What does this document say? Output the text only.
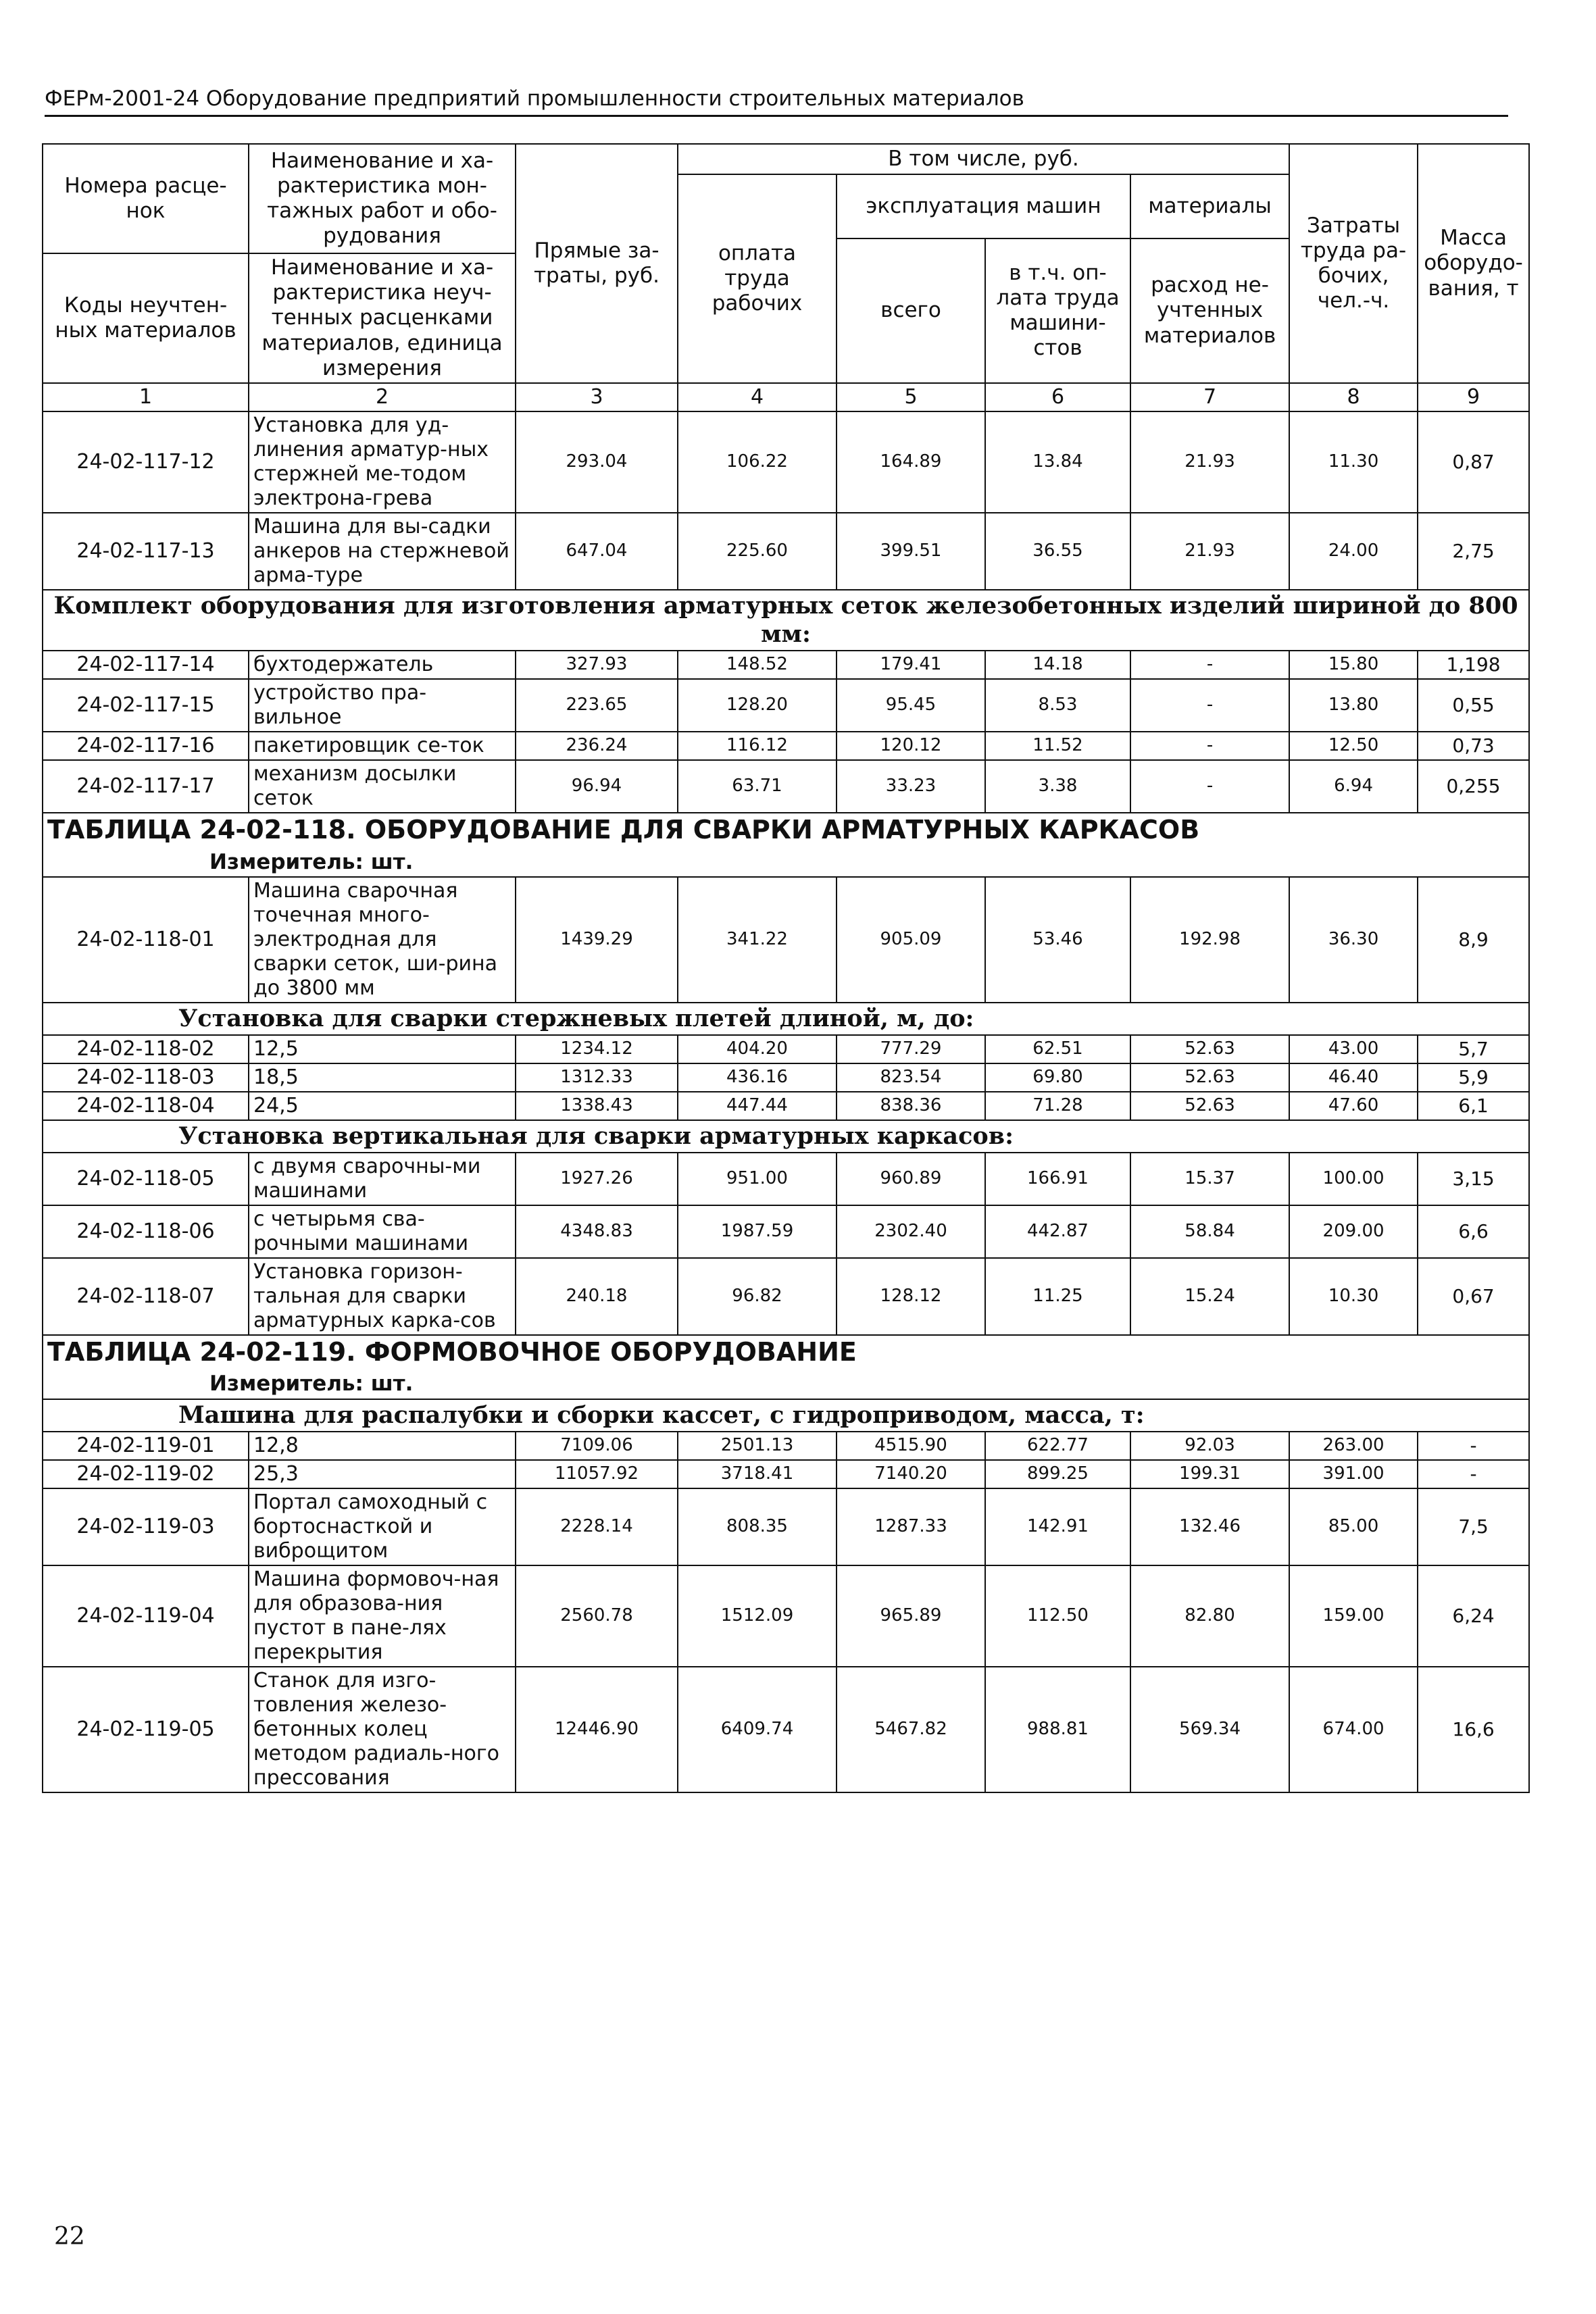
ФЕРм-2001-24 Оборудование предприятий промышленности строительных материалов
Номера расце-нок	Наименование и ха-рактеристика мон-тажных работ и обо-рудования	Прямые за-траты, руб.	В том числе, руб.				Затраты труда ра-бочих, чел.-ч.	Масса оборудо-вания, т
			оплата труда рабочих	эксплуатация машин		материалы		
				всего	в т.ч. оп-лата труда машини-стов	расход не-учтенных материалов		
Коды неучтен-ных материалов	Наименование и ха-рактеристика неуч-тенных расценками материалов, единица измерения							

1	2	3	4	5	6	7	8	9
24-02-117-12	Установка для уд-линения арматур-ных стержней ме-тодом электрона-грева	293.04	106.22	164.89	13.84	21.93	11.30	0,87
24-02-117-13	Машина для вы-садки анкеров на стержневой арма-туре	647.04	225.60	399.51	36.55	21.93	24.00	2,75
Комплект оборудования для изготовления арматурных сеток железобетонных изделий шириной до 800 мм:								
24-02-117-14	бухтодержатель	327.93	148.52	179.41	14.18	-	15.80	1,198
24-02-117-15	устройство пра-вильное	223.65	128.20	95.45	8.53	-	13.80	0,55
24-02-117-16	пакетировщик се-ток	236.24	116.12	120.12	11.52	-	12.50	0,73
24-02-117-17	механизм досылки сеток	96.94	63.71	33.23	3.38	-	6.94	0,255

ТАБЛИЦА 24-02-118. ОБОРУДОВАНИЕ ДЛЯ СВАРКИ АРМАТУРНЫХ КАРКАСОВ
Измеритель: шт.								

24-02-118-01	Машина сварочная точечная много-электродная для сварки сеток, ши-рина до 3800 мм	1439.29	341.22	905.09	53.46	192.98	36.30	8,9
Установка для сварки стержневых плетей длиной, м, до:								
24-02-118-02	12,5	1234.12	404.20	777.29	62.51	52.63	43.00	5,7
24-02-118-03	18,5	1312.33	436.16	823.54	69.80	52.63	46.40	5,9
24-02-118-04	24,5	1338.43	447.44	838.36	71.28	52.63	47.60	6,1
Установка вертикальная для сварки арматурных каркасов:								
24-02-118-05	с двумя сварочны-ми машинами	1927.26	951.00	960.89	166.91	15.37	100.00	3,15
24-02-118-06	с четырьмя сва-рочными машинами	4348.83	1987.59	2302.40	442.87	58.84	209.00	6,6
24-02-118-07	Установка горизон-тальная для сварки арматурных карка-сов	240.18	96.82	128.12	11.25	15.24	10.30	0,67

ТАБЛИЦА 24-02-119. ФОРМОВОЧНОЕ ОБОРУДОВАНИЕ
Измеритель: шт.								

Машина для распалубки и сборки кассет, с гидроприводом, масса, т:								
24-02-119-01	12,8	7109.06	2501.13	4515.90	622.77	92.03	263.00	-
24-02-119-02	25,3	11057.92	3718.41	7140.20	899.25	199.31	391.00	-
24-02-119-03	Портал самоходный с бортоснасткой и виброщитом	2228.14	808.35	1287.33	142.91	132.46	85.00	7,5
24-02-119-04	Машина формовоч-ная для образова-ния пустот в пане-лях перекрытия	2560.78	1512.09	965.89	112.50	82.80	159.00	6,24
24-02-119-05	Станок для изго-товления железо-бетонных колец методом радиаль-ного прессования	12446.90	6409.74	5467.82	988.81	569.34	674.00	16,6
22
